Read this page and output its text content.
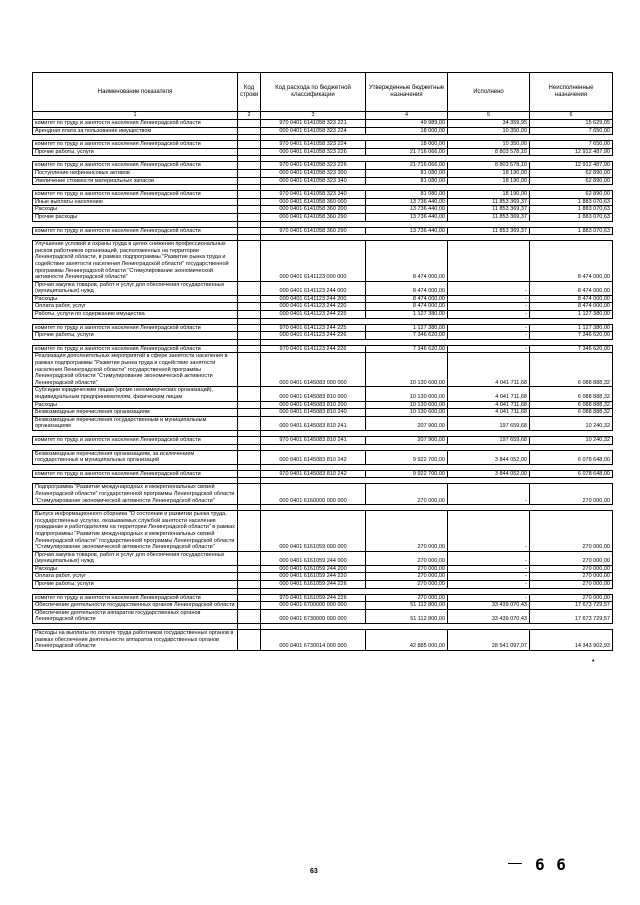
Наименование показателя	Код строки	Код расхода по бюджетной классификации	Утвержденные бюджетные назначения	Исполнено	Неисполненные назначения
1	2	3	4	5	6
комитет по труду и занятости населения Ленинградской области		970 0401 6141058 323 221	49 989,00	34 359,95	15 629,05
Арендная плата за пользование имуществом		000 0401 6141058 323 224	18 000,00	10 350,00	7 650,00

комитет по труду и занятости населения Ленинградской области		970 0401 6141058 323 224	18 000,00	10 350,00	7 650,00
Прочие работы, услуги		000 0401 6141058 323 226	21 716 066,00	8 803 578,10	12 912 487,90

комитет по труду и занятости населения Ленинградской области		970 0401 6141058 323 226	21 716 066,00	8 803 578,10	12 912 487,90
Поступление нефинансовых активов		000 0401 6141058 323 300	81 080,00	18 190,00	62 890,00
Увеличение стоимости материальных запасов		000 0401 6141058 323 340	81 080,00	18 190,00	62 890,00

комитет по труду и занятости населения Ленинградской области		970 0401 6141058 323 340	81 080,00	18 190,00	62 890,00
Иные выплаты населению		000 0401 6141058 360 000	13 736 440,00	11 853 369,37	1 883 070,63
Расходы		000 0401 6141058 360 200	13 736 440,00	11 853 369,37	1 883 070,63
Прочие расходы		000 0401 6141058 360 290	13 736 440,00	11 853 369,37	1 883 070,63

комитет по труду и занятости населения Ленинградской области		970 0401 6141058 360 290	13 736 440,00	11 853 369,37	1 883 070,63

Улучшение условий и охраны труда в целях снижения профессиональных рисков работников организаций, расположенных на территории Ленинградской области, в рамках подпрограммы "Развитие рынка труда и содействие занятости населения Ленинградской области" государственной программы Ленинградской области "Стимулирование экономической активности Ленинградской области"		000 0401 6141123 000 000	8 474 000,00		8 474 000,00
Прочая закупка товаров, работ и услуг для обеспечения государственных (муниципальных) нужд		000 0401 6141123 244 000	8 474 000,00	-	8 474 000,00
Расходы		000 0401 6141123 244 200	8 474 000,00	-	8 474 000,00
Оплата работ, услуг		000 0401 6141123 244 220	8 474 000,00	-	8 474 000,00
Работы, услуги по содержанию имущества		000 0401 6141123 244 225	1 127 380,00	-	1 127 380,00

комитет по труду и занятости населения Ленинградской области		970 0401 6141123 244 225	1 127 380,00	-	1 127 380,00
Прочие работы, услуги		000 0401 6141123 244 226	7 346 620,00	-	7 346 620,00

комитет по труду и занятости населения Ленинградской области		970 0401 6141123 244 226	7 346 620,00	-	7 346 620,00
Реализация дополнительных мероприятий в сфере занятости населения в рамках подпрограммы "Развитие рынка труда и содействие занятости населения Ленинградской области" государственной программы Ленинградской области "Стимулирование экономической активности Ленинградской области"		000 0401 6145083 000 000	10 130 600,00	4 041 711,68	6 088 888,32
Субсидии юридическим лицам (кроме некоммерческих организаций), индивидуальным предпринимателям, физическим лицам		000 0401 6145083 810 000	10 130 600,00	4 041 711,68	6 088 888,32
Расходы		000 0401 6145083 810 200	10 130 600,00	4 041 711,68	6 088 888,32
Безвозмездные перечисления организациям		000 0401 6145083 810 240	10 130 600,00	4 041 711,68	6 088 888,32
Безвозмездные перечисления государственным и муниципальным организациям		000 0401 6145083 810 241	207 900,00	197 659,68	10 240,32

комитет по труду и занятости населения Ленинградской области		970 0401 6145083 810 241	207 900,00	197 659,68	10 240,32

Безвозмездные перечисления организациям, за исключением государственных и муниципальных организаций		000 0401 6145083 810 242	9 922 700,00	3 844 052,00	6 078 648,00

комитет по труду и занятости населения Ленинградской области		970 0401 6145083 810 242	9 922 700,00	3 844 052,00	6 078 648,00

Подпрограмма "Развитие международных и межрегиональных связей Ленинградской области" государственной программы Ленинградской области "Стимулирование экономической активности Ленинградской области"		000 0401 6160000 000 000	270 000,00	-	270 000,00

Выпуск информационного сборника "О состоянии и развитии рынка труда, государственных услугах, оказываемых службой занятости населения гражданам и работодателям на территории Ленинградской области" в рамках подпрограммы "Развитие международных и межрегиональных связей Ленинградской области" государственной программы Ленинградской области "Стимулирование экономической активности Ленинградской области"		000 0401 6161059 000 000	270 000,00	-	270 000,00
Прочая закупка товаров, работ и услуг для обеспечения государственных (муниципальных) нужд		000 0401 6161059 244 000	270 000,00	-	270 000,00
Расходы		000 0401 6161059 244 200	270 000,00	-	270 000,00
Оплата работ, услуг		000 0401 6161059 244 220	270 000,00	-	270 000,00
Прочие работы, услуги		000 0401 6161059 244 226	270 000,00	-	270 000,00

комитет по труду и занятости населения Ленинградской области		970 0401 6161059 244 226	270 000,00	-	270 000,00
Обеспечение деятельности государственных органов Ленинградской области		000 0401 6700000 000 000	51 112 800,00	33 439 070,43	17 673 729,57
Обеспечение деятельности аппаратов государственных органов Ленинградской области		000 0401 6730000 000 000	51 112 800,00	33 439 070,43	17 673 729,57

Расходы на выплаты по оплате труда работников государственных органов в рамках обеспечения деятельности аппаратов государственных органов Ленинградской области		000 0401 6730014 000 000	42 885 000,00	28 541 097,07	14 343 902,93
63	6 6
•
